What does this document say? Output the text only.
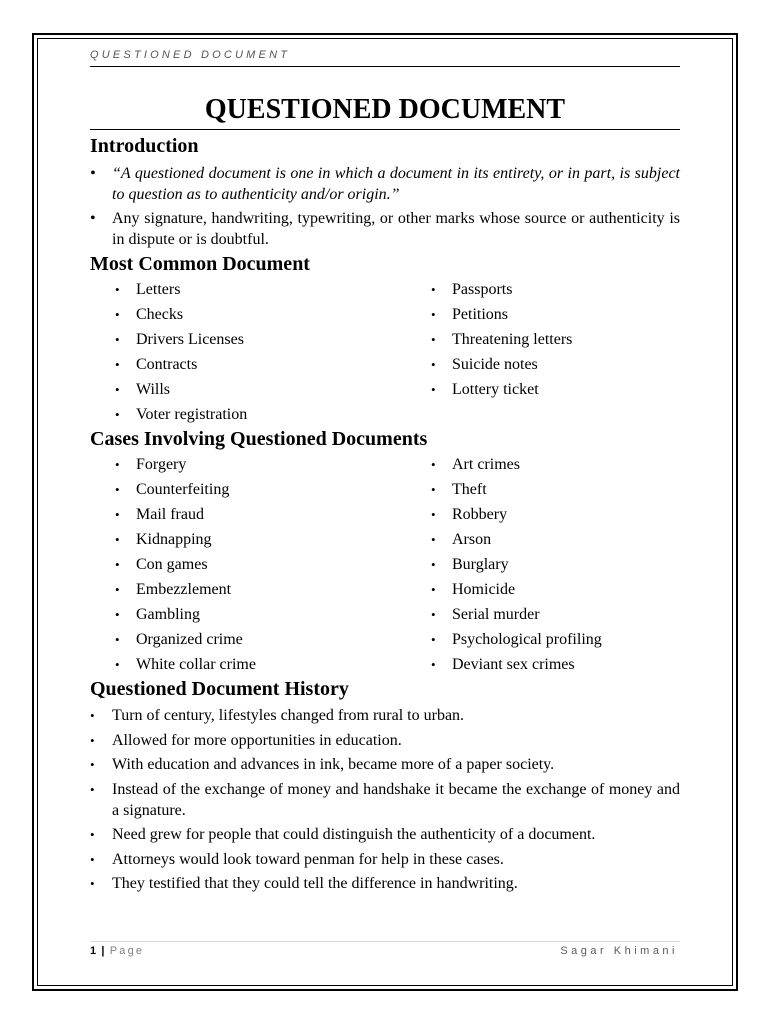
QUESTIONED DOCUMENT
QUESTIONED DOCUMENT
Introduction
• “A questioned document is one in which a document in its entirety, or in part, is subject to question as to authenticity and/or origin.”
• Any signature, handwriting, typewriting, or other marks whose source or authenticity is in dispute or is doubtful.
Most Common Document
• Letters
• Checks
• Drivers Licenses
• Contracts
• Wills
• Voter registration
• Passports
• Petitions
• Threatening letters
• Suicide notes
• Lottery ticket
Cases Involving Questioned Documents
• Forgery
• Counterfeiting
• Mail fraud
• Kidnapping
• Con games
• Embezzlement
• Gambling
• Organized crime
• White collar crime
• Art crimes
• Theft
• Robbery
• Arson
• Burglary
• Homicide
• Serial murder
• Psychological profiling
• Deviant sex crimes
Questioned Document History
• Turn of century, lifestyles changed from rural to urban.
• Allowed for more opportunities in education.
• With education and advances in ink, became more of a paper society.
• Instead of the exchange of money and handshake it became the exchange of money and a signature.
• Need grew for people that could distinguish the authenticity of a document.
• Attorneys would look toward penman for help in these cases.
• They testified that they could tell the difference in handwriting.
1 | Page	Sagar Khimani
